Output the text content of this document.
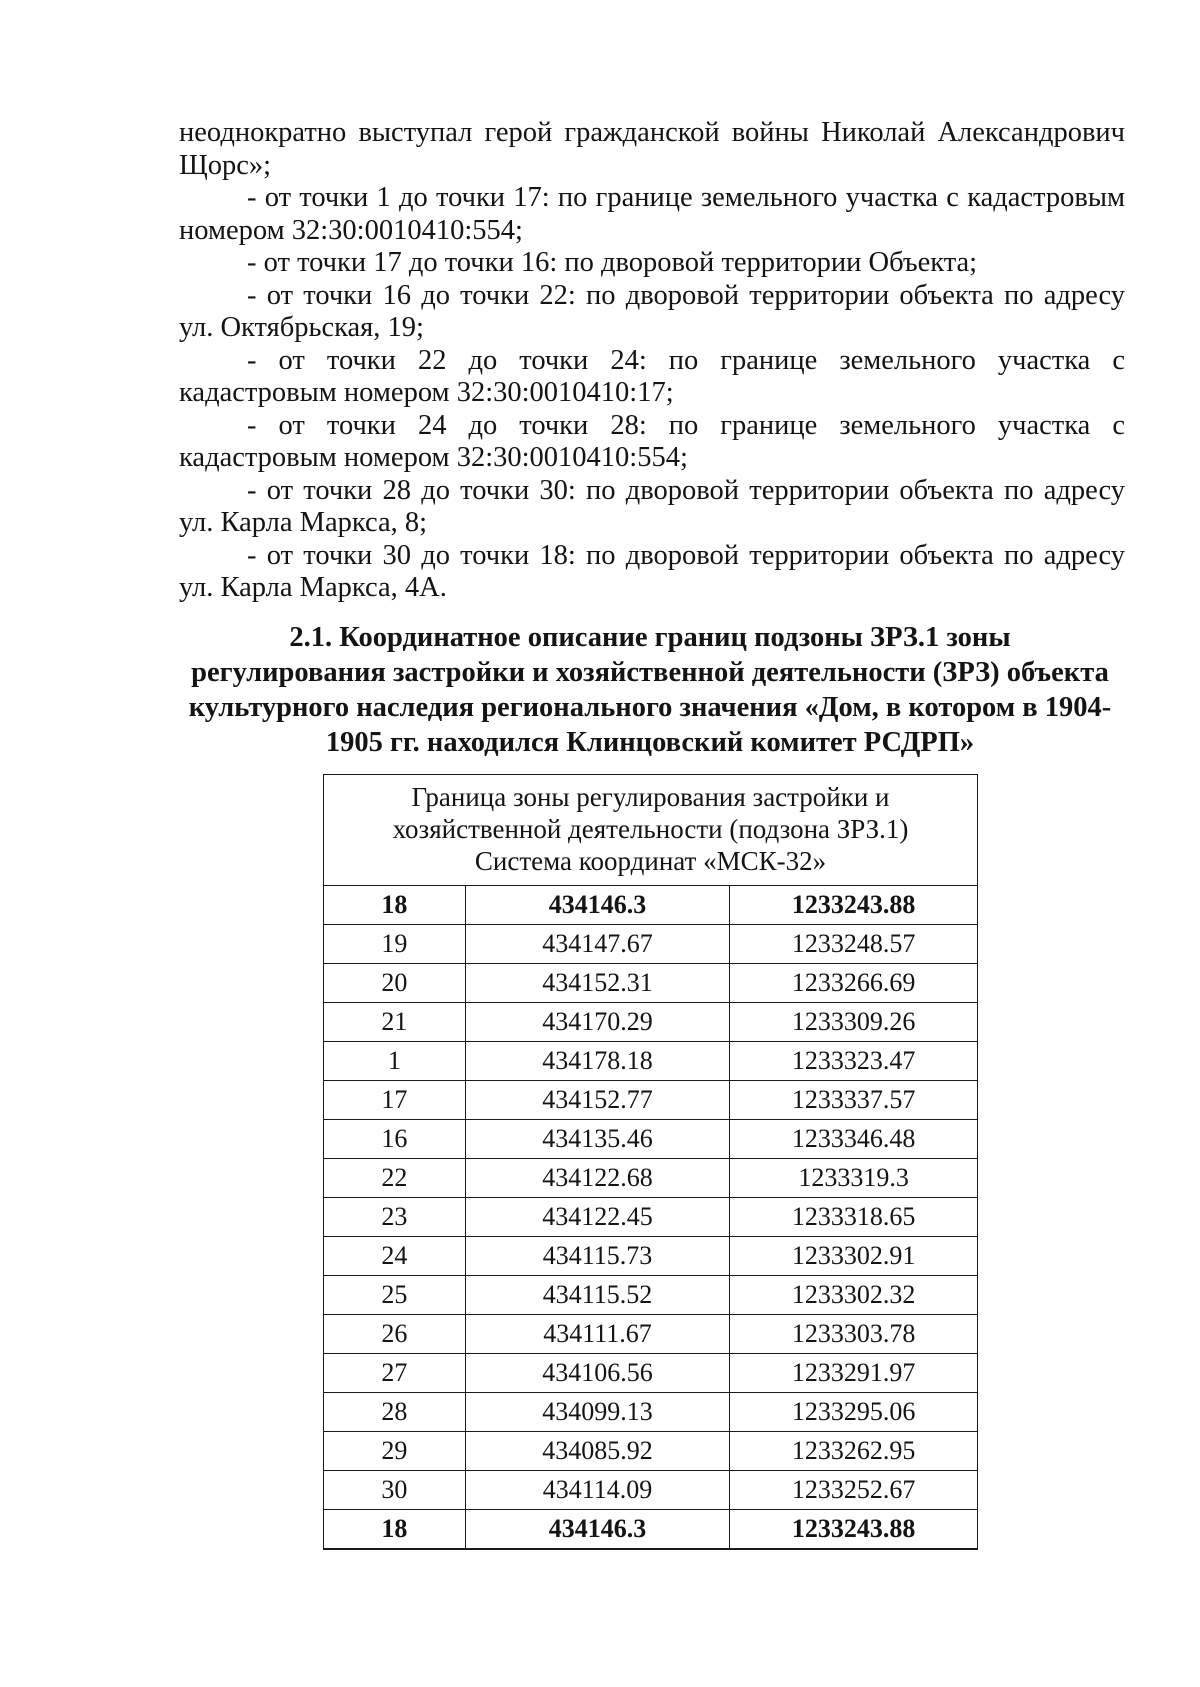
неоднократно выступал герой гражданской войны Николай Александрович Щорс»;

- от точки 1 до точки 17: по границе земельного участка с кадастровым номером 32:30:0010410:554;

- от точки 17 до точки 16: по дворовой территории Объекта;

- от точки 16 до точки 22: по дворовой территории объекта по адресу ул. Октябрьская, 19;

- от точки 22 до точки 24: по границе земельного участка с кадастровым номером 32:30:0010410:17;

- от точки 24 до точки 28: по границе земельного участка с кадастровым номером 32:30:0010410:554;

- от точки 28 до точки 30: по дворовой территории объекта по адресу ул. Карла Маркса, 8;

- от точки 30 до точки 18: по дворовой территории объекта по адресу ул. Карла Маркса, 4А.

2.1. Координатное описание границ подзоны ЗРЗ.1 зоны
регулирования застройки и хозяйственной деятельности (ЗРЗ) объекта
культурного наследия регионального значения «Дом, в котором в 1904-
1905 гг. находился Клинцовский комитет РСДРП»
Граница зоны регулирования застройки и
хозяйственной деятельности (подзона ЗРЗ.1)
Система координат «МСК-32»		

18	434146.3	1233243.88
19	434147.67	1233248.57
20	434152.31	1233266.69
21	434170.29	1233309.26
1	434178.18	1233323.47
17	434152.77	1233337.57
16	434135.46	1233346.48
22	434122.68	1233319.3
23	434122.45	1233318.65
24	434115.73	1233302.91
25	434115.52	1233302.32
26	434111.67	1233303.78
27	434106.56	1233291.97
28	434099.13	1233295.06
29	434085.92	1233262.95
30	434114.09	1233252.67
18	434146.3	1233243.88
